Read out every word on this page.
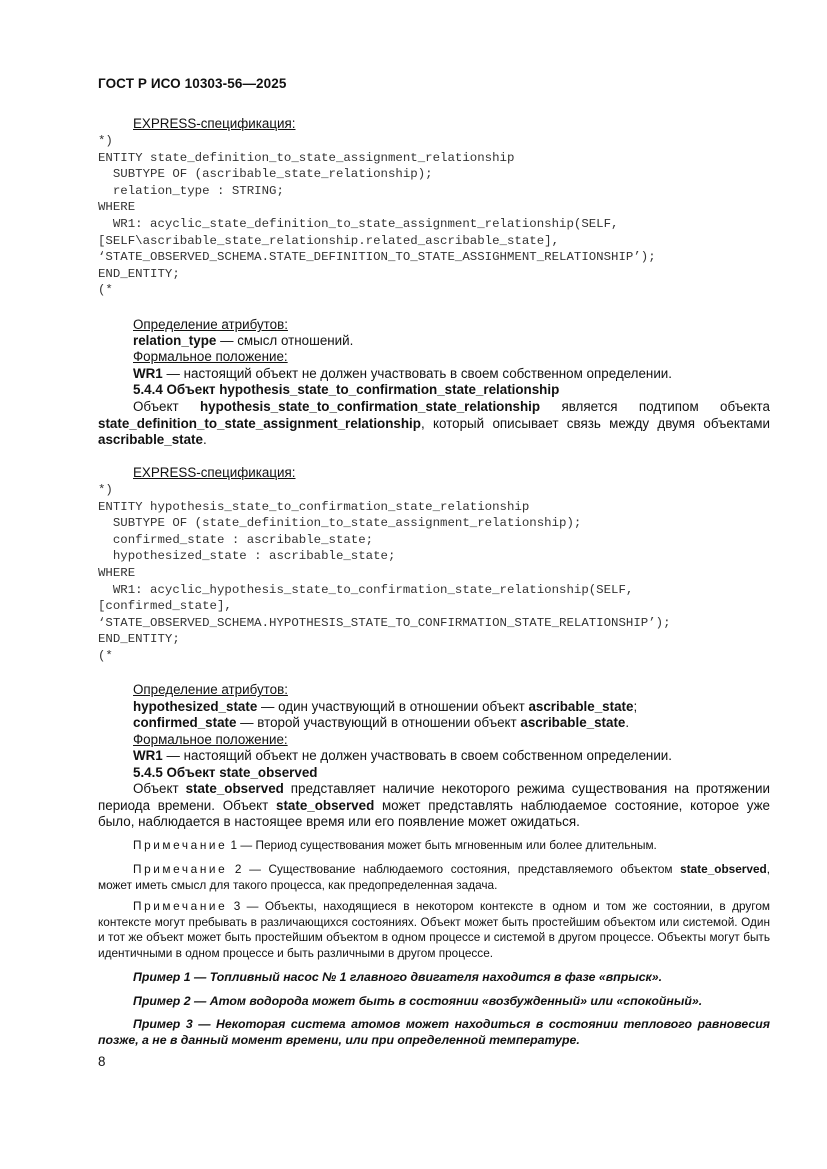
ГОСТ Р ИСО 10303-56—2025
EXPRESS-спецификация:
*)
ENTITY state_definition_to_state_assignment_relationship
SUBTYPE OF (ascribable_state_relationship);
relation_type : STRING;
WHERE
WR1: acyclic_state_definition_to_state_assignment_relationship(SELF,
[SELF\ascribable_state_relationship.related_ascribable_state],
‘STATE_OBSERVED_SCHEMA.STATE_DEFINITION_TO_STATE_ASSIGHMENT_RELATIONSHIP’);
END_ENTITY;
(*
Определение атрибутов:
relation_type — смысл отношений.
Формальное положение:
WR1 — настоящий объект не должен участвовать в своем собственном определении.
5.4.4 Объект hypothesis_state_to_confirmation_state_relationship
Объект hypothesis_state_to_confirmation_state_relationship является подтипом объекта state_definition_to_state_assignment_relationship, который описывает связь между двумя объектами ascribable_state.
EXPRESS-спецификация:
*)
ENTITY hypothesis_state_to_confirmation_state_relationship
SUBTYPE OF (state_definition_to_state_assignment_relationship);
confirmed_state : ascribable_state;
hypothesized_state : ascribable_state;
WHERE
WR1: acyclic_hypothesis_state_to_confirmation_state_relationship(SELF,
[confirmed_state],
‘STATE_OBSERVED_SCHEMA.HYPOTHESIS_STATE_TO_CONFIRMATION_STATE_RELATIONSHIP’);
END_ENTITY;
(*
Определение атрибутов:
hypothesized_state — один участвующий в отношении объект ascribable_state;
confirmed_state — второй участвующий в отношении объект ascribable_state.
Формальное положение:
WR1 — настоящий объект не должен участвовать в своем собственном определении.
5.4.5 Объект state_observed
Объект state_observed представляет наличие некоторого режима существования на протяжении периода времени. Объект state_observed может представлять наблюдаемое состояние, которое уже было, наблюдается в настоящее время или его появление может ожидаться.
Примечание 1 — Период существования может быть мгновенным или более длительным.
Примечание 2 — Существование наблюдаемого состояния, представляемого объектом state_observed, может иметь смысл для такого процесса, как предопределенная задача.
Примечание 3 — Объекты, находящиеся в некотором контексте в одном и том же состоянии, в другом контексте могут пребывать в различающихся состояниях. Объект может быть простейшим объектом или системой. Один и тот же объект может быть простейшим объектом в одном процессе и системой в другом процессе. Объекты могут быть идентичными в одном процессе и быть различными в другом процессе.
Пример 1 — Топливный насос № 1 главного двигателя находится в фазе «впрыск».
Пример 2 — Атом водорода может быть в состоянии «возбужденный» или «спокойный».
Пример 3 — Некоторая система атомов может находиться в состоянии теплового равновесия позже, а не в данный момент времени, или при определенной температуре.
8
